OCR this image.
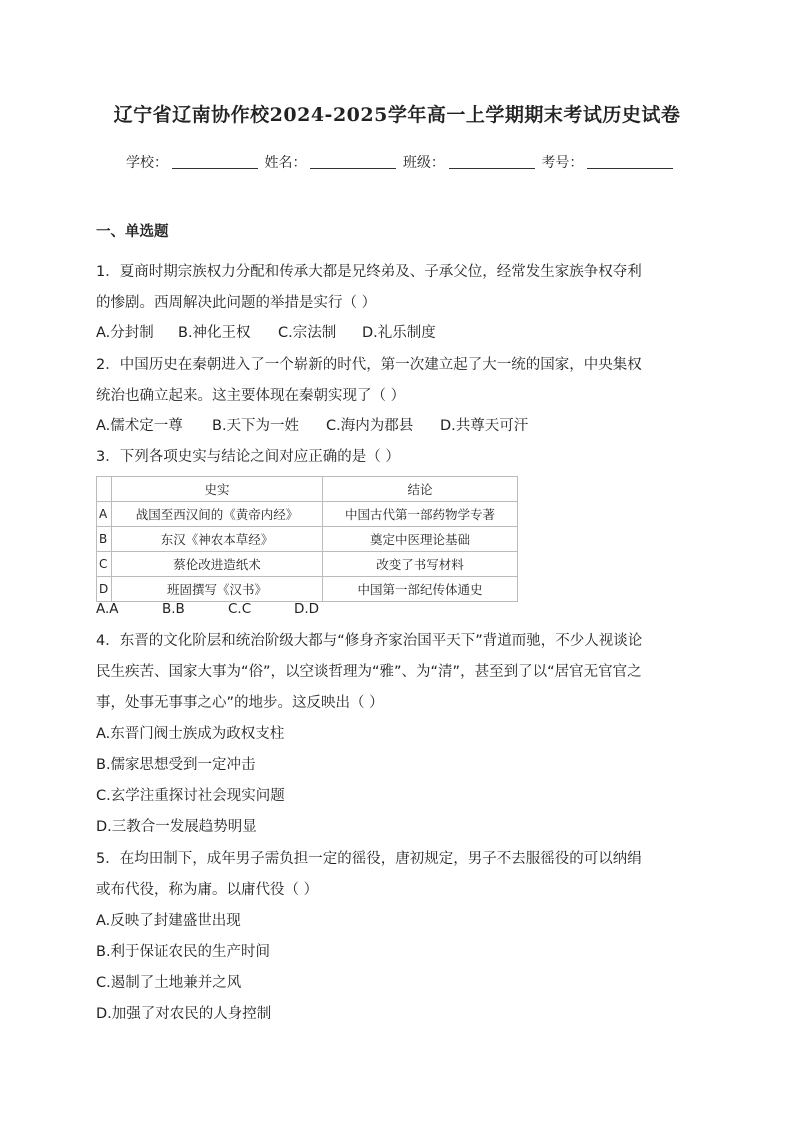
辽宁省辽南协作校2024-2025学年高一上学期期末考试历史试卷
学校：	姓名：	班级：	考号：
一、单选题
1．夏商时期宗族权力分配和传承大都是兄终弟及、子承父位，经常发生家族争权夺利
的惨剧。西周解决此问题的举措是实行（ ）
A.分封制 B.神化王权 C.宗法制 D.礼乐制度
2．中国历史在秦朝进入了一个崭新的时代，第一次建立起了大一统的国家，中央集权
统治也确立起来。这主要体现在秦朝实现了（ ）
A.儒术定一尊 B.天下为一姓 C.海内为郡县 D.共尊天可汗
3．下列各项史实与结论之间对应正确的是（ ）
	史实	结论
A	战国至西汉间的《黄帝内经》	中国古代第一部药物学专著
B	东汉《神农本草经》	奠定中医理论基础
C	蔡伦改进造纸术	改变了书写材料
D	班固撰写《汉书》	中国第一部纪传体通史
A.A	B.B	C.C	D.D
4．东晋的文化阶层和统治阶级大都与“修身齐家治国平天下”背道而驰，不少人视谈论
民生疾苦、国家大事为“俗”，以空谈哲理为“雅”、为“清”，甚至到了以“居官无官官之
事，处事无事事之心”的地步。这反映出（ ）
A.东晋门阀士族成为政权支柱
B.儒家思想受到一定冲击
C.玄学注重探讨社会现实问题
D.三教合一发展趋势明显
5．在均田制下，成年男子需负担一定的徭役，唐初规定，男子不去服徭役的可以纳绢
或布代役，称为庸。以庸代役（ ）
A.反映了封建盛世出现
B.利于保证农民的生产时间
C.遏制了土地兼并之风
D.加强了对农民的人身控制
